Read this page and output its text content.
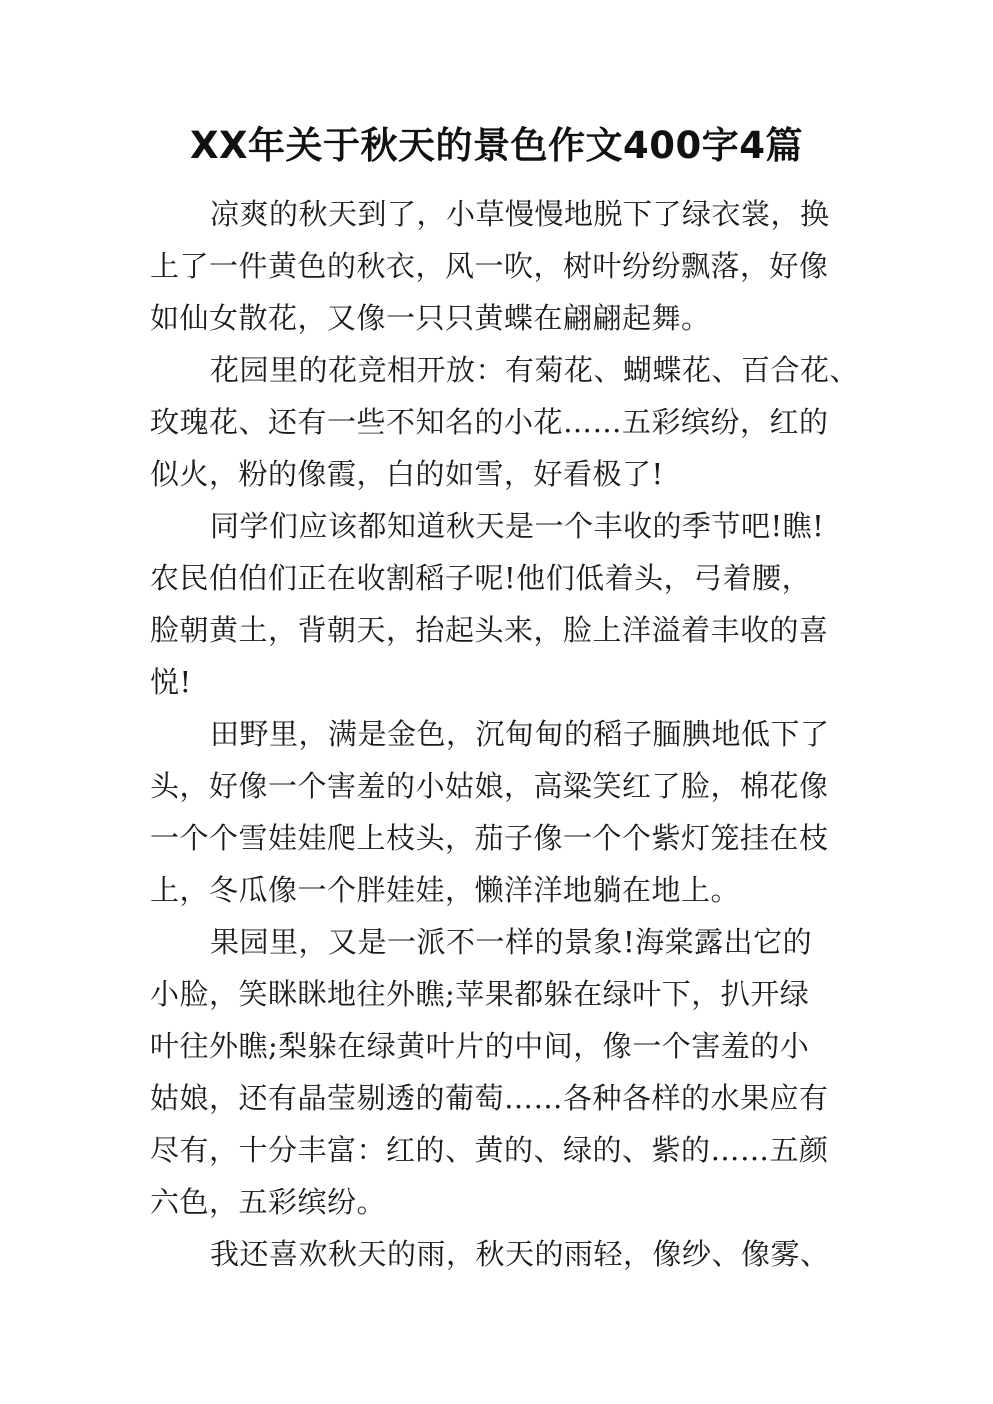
XX年关于秋天的景色作文400字4篇
凉爽的秋天到了，小草慢慢地脱下了绿衣裳，换
上了一件黄色的秋衣，风一吹，树叶纷纷飘落，好像
如仙女散花，又像一只只黄蝶在翩翩起舞。
花园里的花竞相开放：有菊花、蝴蝶花、百合花、
玫瑰花、还有一些不知名的小花……五彩缤纷，红的
似火，粉的像霞，白的如雪，好看极了!
同学们应该都知道秋天是一个丰收的季节吧!瞧!
农民伯伯们正在收割稻子呢!他们低着头，弓着腰，
脸朝黄土，背朝天，抬起头来，脸上洋溢着丰收的喜
悦!
田野里，满是金色，沉甸甸的稻子腼腆地低下了
头，好像一个害羞的小姑娘，高粱笑红了脸，棉花像
一个个雪娃娃爬上枝头，茄子像一个个紫灯笼挂在枝
上，冬瓜像一个胖娃娃，懒洋洋地躺在地上。
果园里，又是一派不一样的景象!海棠露出它的
小脸，笑眯眯地往外瞧;苹果都躲在绿叶下，扒开绿
叶往外瞧;梨躲在绿黄叶片的中间，像一个害羞的小
姑娘，还有晶莹剔透的葡萄……各种各样的水果应有
尽有，十分丰富：红的、黄的、绿的、紫的……五颜
六色，五彩缤纷。
我还喜欢秋天的雨，秋天的雨轻，像纱、像雾、
